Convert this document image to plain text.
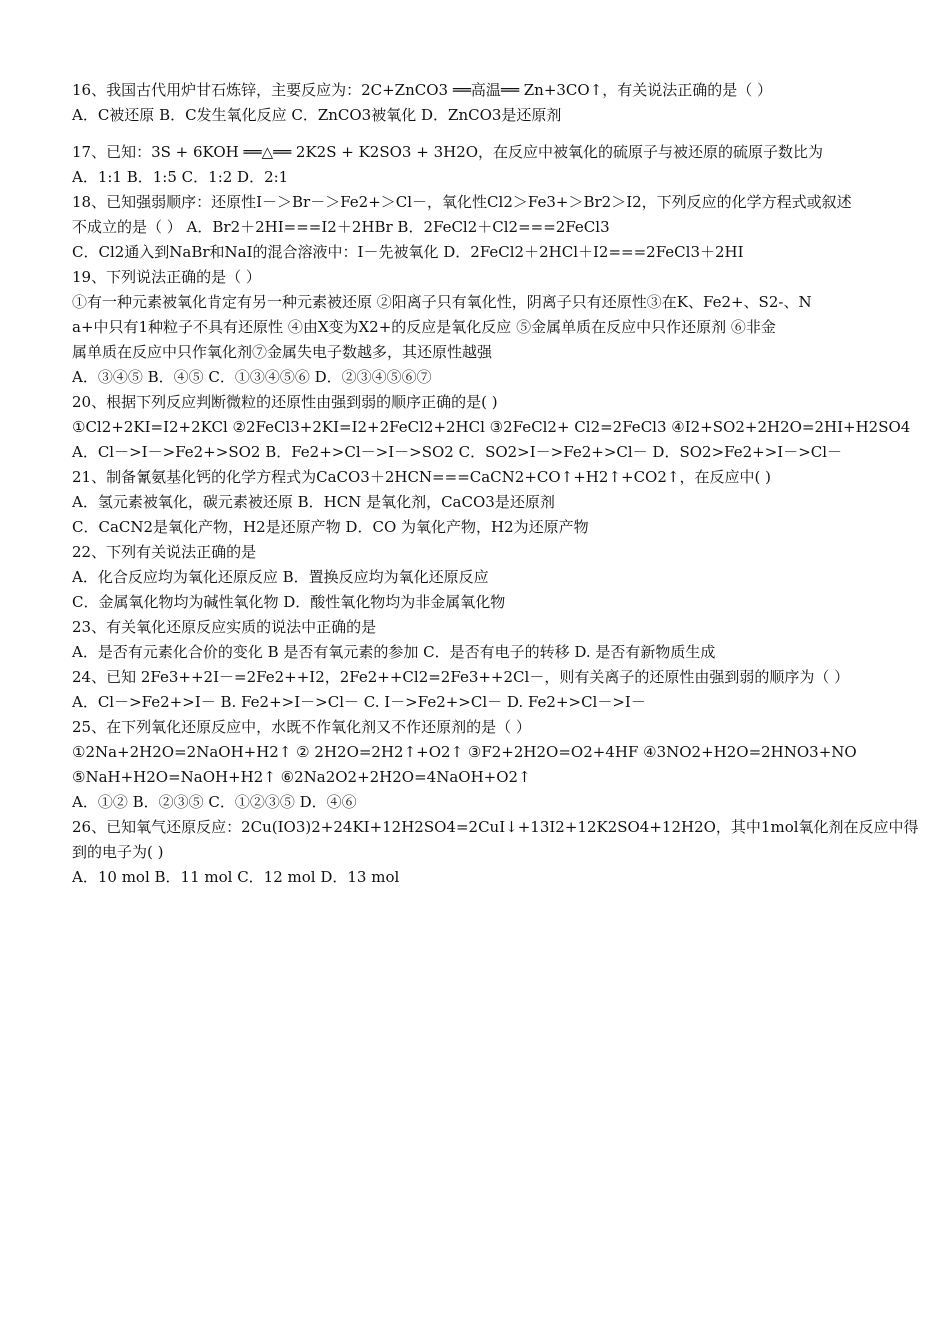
16、我国古代用炉甘石炼锌，主要反应为：2C+ZnCO3 ══高温══ Zn+3CO↑，有关说法正确的是（ ）
A．C被还原 B．C发生氧化反应 C．ZnCO3被氧化 D．ZnCO3是还原剂
17、已知：3S + 6KOH ══△══ 2K2S + K2SO3 + 3H2O，在反应中被氧化的硫原子与被还原的硫原子数比为
A．1:1 B．1:5 C．1:2 D．2:1
18、已知强弱顺序：还原性I－＞Br－＞Fe2+＞Cl－，氧化性Cl2＞Fe3+＞Br2＞I2，下列反应的化学方程式或叙述
不成立的是（ ） A．Br2＋2HI===I2＋2HBr B．2FeCl2＋Cl2===2FeCl3
C．Cl2通入到NaBr和NaI的混合溶液中：I－先被氧化 D．2FeCl2＋2HCl＋I2===2FeCl3＋2HI
19、下列说法正确的是（ ）
①有一种元素被氧化肯定有另一种元素被还原 ②阳离子只有氧化性，阴离子只有还原性③在K、Fe2+、S2-、N
a+中只有1种粒子不具有还原性 ④由X变为X2+的反应是氧化反应 ⑤金属单质在反应中只作还原剂 ⑥非金
属单质在反应中只作氧化剂⑦金属失电子数越多，其还原性越强
A．③④⑤ B．④⑤ C．①③④⑤⑥ D．②③④⑤⑥⑦
20、根据下列反应判断微粒的还原性由强到弱的顺序正确的是( )
①Cl2+2KI=I2+2KCl ②2FeCl3+2KI=I2+2FeCl2+2HCl ③2FeCl2+ Cl2=2FeCl3 ④I2+SO2+2H2O=2HI+H2SO4
A．Cl－>I－>Fe2+>SO2 B．Fe2+>Cl－>I－>SO2 C．SO2>I－>Fe2+>Cl－ D．SO2>Fe2+>I－>Cl－
21、制备氰氨基化钙的化学方程式为CaCO3＋2HCN===CaCN2+CO↑+H2↑+CO2↑，在反应中( )
A．氢元素被氧化，碳元素被还原 B．HCN 是氧化剂，CaCO3是还原剂
C．CaCN2是氧化产物，H2是还原产物 D．CO 为氧化产物，H2为还原产物
22、下列有关说法正确的是
A．化合反应均为氧化还原反应 B．置换反应均为氧化还原反应
C．金属氧化物均为碱性氧化物 D．酸性氧化物均为非金属氧化物
23、有关氧化还原反应实质的说法中正确的是
A．是否有元素化合价的变化 B 是否有氧元素的参加 C．是否有电子的转移 D. 是否有新物质生成
24、已知 2Fe3++2I－=2Fe2++I2，2Fe2++Cl2=2Fe3++2Cl－，则有关离子的还原性由强到弱的顺序为（ ）
A．Cl－>Fe2+>I－ B. Fe2+>I－>Cl－ C. I－>Fe2+>Cl－ D. Fe2+>Cl－>I－
25、在下列氧化还原反应中，水既不作氧化剂又不作还原剂的是（ ）
①2Na+2H2O=2NaOH+H2↑ ② 2H2O=2H2↑+O2↑ ③F2+2H2O=O2+4HF ④3NO2+H2O=2HNO3+NO
⑤NaH+H2O=NaOH+H2↑ ⑥2Na2O2+2H2O=4NaOH+O2↑
A．①② B．②③⑤ C．①②③⑤ D．④⑥
26、已知氧气还原反应：2Cu(IO3)2+24KI+12H2SO4=2CuI↓+13I2+12K2SO4+12H2O，其中1mol氧化剂在反应中得
到的电子为( )
A．10 mol B．11 mol C．12 mol D．13 mol
